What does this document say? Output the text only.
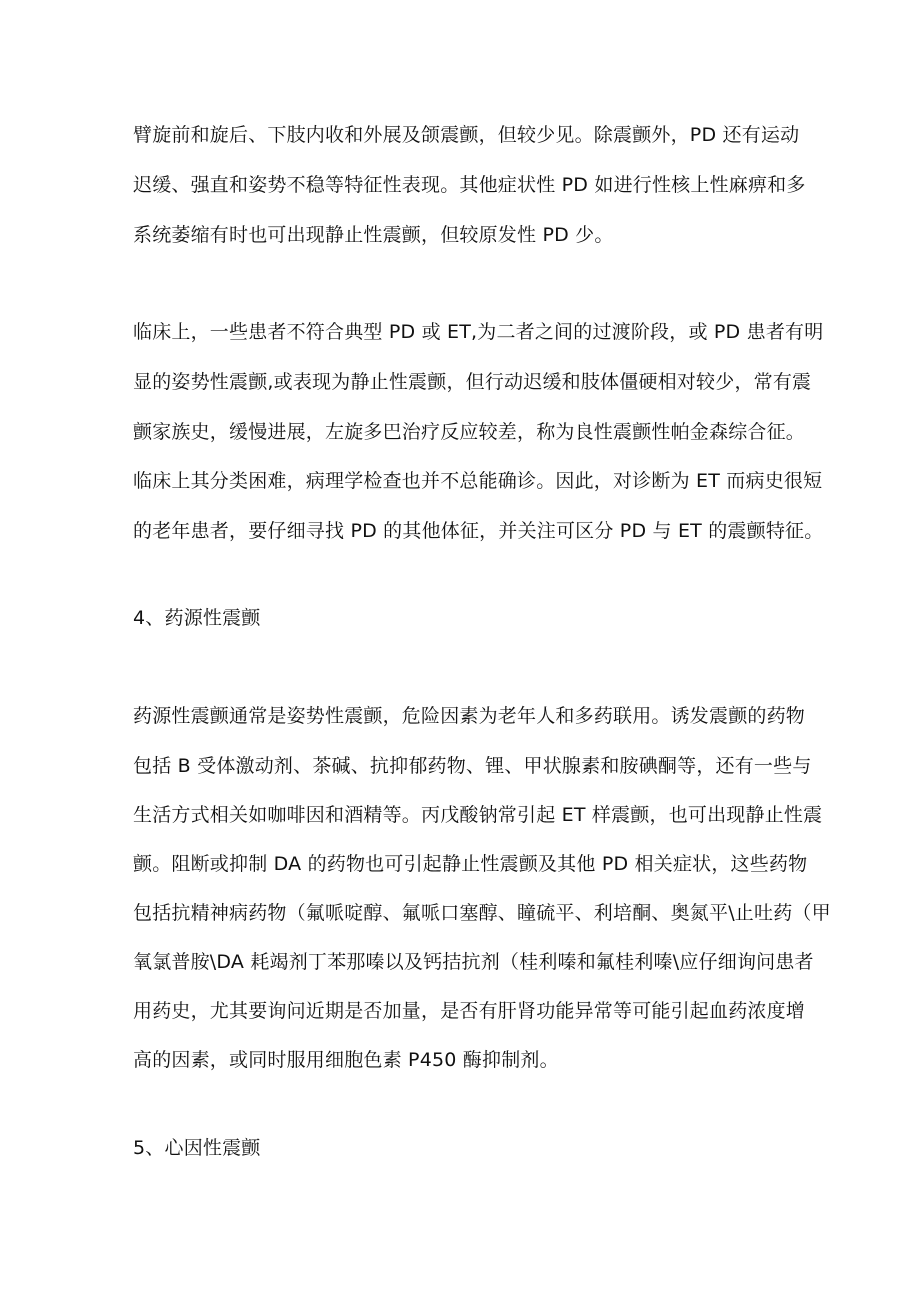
臂旋前和旋后、下肢内收和外展及颌震颤，但较少见。除震颤外，PD 还有运动
迟缓、强直和姿势不稳等特征性表现。其他症状性 PD 如进行性核上性麻痹和多
系统萎缩有时也可出现静止性震颤，但较原发性 PD 少。
临床上，一些患者不符合典型 PD 或 ET,为二者之间的过渡阶段，或 PD 患者有明
显的姿势性震颤,或表现为静止性震颤，但行动迟缓和肢体僵硬相对较少，常有震
颤家族史，缓慢进展，左旋多巴治疗反应较差，称为良性震颤性帕金森综合征。
临床上其分类困难，病理学检查也并不总能确诊。因此，对诊断为 ET 而病史很短
的老年患者，要仔细寻找 PD 的其他体征，并关注可区分 PD 与 ET 的震颤特征。
4、药源性震颤
药源性震颤通常是姿势性震颤，危险因素为老年人和多药联用。诱发震颤的药物
包括 B 受体激动剂、茶碱、抗抑郁药物、锂、甲状腺素和胺碘酮等，还有一些与
生活方式相关如咖啡因和酒精等。丙戊酸钠常引起 ET 样震颤，也可出现静止性震
颤。阻断或抑制 DA 的药物也可引起静止性震颤及其他 PD 相关症状，这些药物
包括抗精神病药物（氟哌啶醇、氟哌口塞醇、瞳硫平、利培酮、奥氮平\止吐药（甲
氧氯普胺\DA 耗竭剂丁苯那嗪以及钙拮抗剂（桂利嗪和氟桂利嗪\应仔细询问患者
用药史，尤其要询问近期是否加量，是否有肝肾功能异常等可能引起血药浓度增
高的因素，或同时服用细胞色素 P450 酶抑制剂。
5、心因性震颤
